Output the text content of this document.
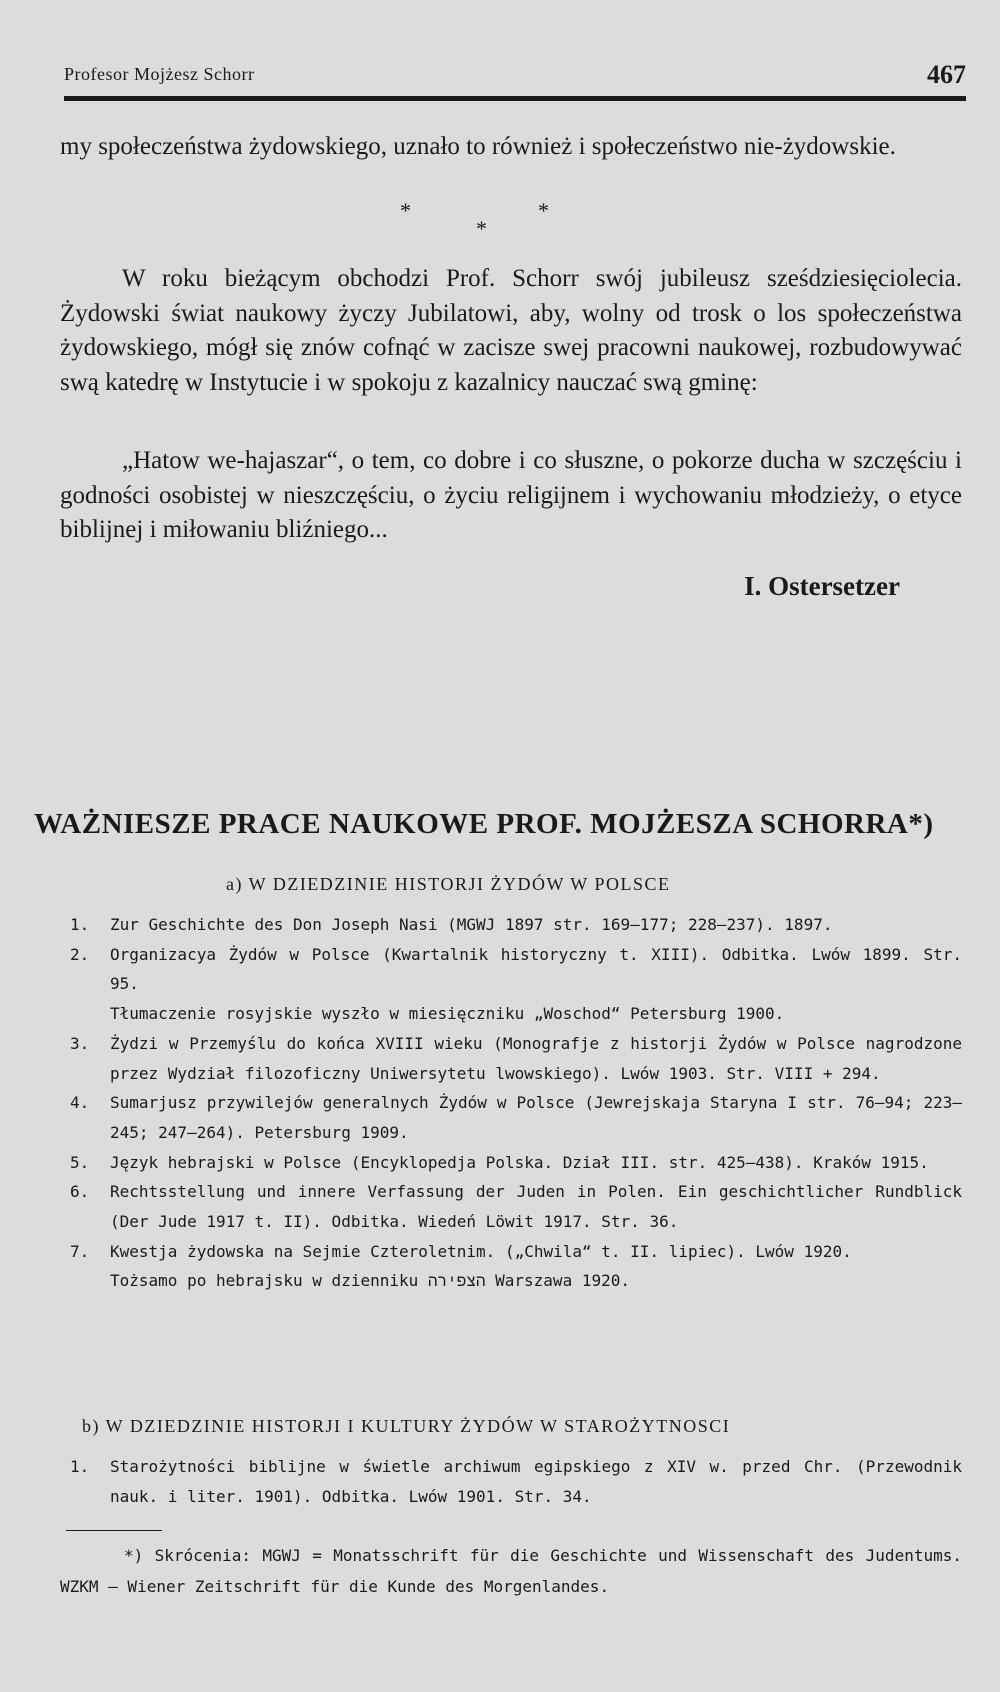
Profesor Mojżesz Schorr	467
my społeczeństwa żydowskiego, uznało to również i społeczeństwo nie-żydowskie.
*
*
*
W roku bieżącym obchodzi Prof. Schorr swój jubileusz sześdziesięciolecia. Żydowski świat naukowy życzy Jubilatowi, aby, wolny od trosk o los społeczeństwa żydowskiego, mógł się znów cofnąć w zacisze swej pracowni naukowej, rozbudowywać swą katedrę w Instytucie i w spokoju z kazalnicy nauczać swą gminę:
„Hatow we-hajaszar“, o tem, co dobre i co słuszne, o pokorze ducha w szczęściu i godności osobistej w nieszczęściu, o życiu religijnem i wychowaniu młodzieży, o etyce biblijnej i miłowaniu bliźniego...
I. Ostersetzer
WAŻNIESZE PRACE NAUKOWE PROF. MOJŻESZA SCHORRA*)
a) W DZIEDZINIE HISTORJI ŻYDÓW W POLSCE
1. Zur Geschichte des Don Joseph Nasi (MGWJ 1897 str. 169—177; 228—237). 1897.
2. Organizacya Żydów w Polsce (Kwartalnik historyczny t. XIII). Odbitka. Lwów 1899. Str. 95.
Tłumaczenie rosyjskie wyszło w miesięczniku „Woschod“ Petersburg 1900.
3. Żydzi w Przemyślu do końca XVIII wieku (Monografje z historji Żydów w Polsce nagrodzone przez Wydział filozoficzny Uniwersytetu lwowskiego). Lwów 1903. Str. VIII + 294.
4. Sumarjusz przywilejów generalnych Żydów w Polsce (Jewrejskaja Staryna I str. 76—94; 223—245; 247—264). Petersburg 1909.
5. Język hebrajski w Polsce (Encyklopedja Polska. Dział III. str. 425—438). Kraków 1915.
6. Rechtsstellung und innere Verfassung der Juden in Polen. Ein geschichtlicher Rundblick (Der Jude 1917 t. II). Odbitka. Wiedeń Löwit 1917. Str. 36.
7. Kwestja żydowska na Sejmie Czteroletnim. („Chwila“ t. II. lipiec). Lwów 1920.
Tożsamo po hebrajsku w dzienniku הצפירה Warszawa 1920.
b) W DZIEDZINIE HISTORJI I KULTURY ŻYDÓW W STAROŻYTNOSCI
1. Starożytności biblijne w świetle archiwum egipskiego z XIV w. przed Chr. (Przewodnik nauk. i liter. 1901). Odbitka. Lwów 1901. Str. 34.
*) Skrócenia: MGWJ = Monatsschrift für die Geschichte und Wissenschaft des Judentums. WZKM — Wiener Zeitschrift für die Kunde des Morgenlandes.
